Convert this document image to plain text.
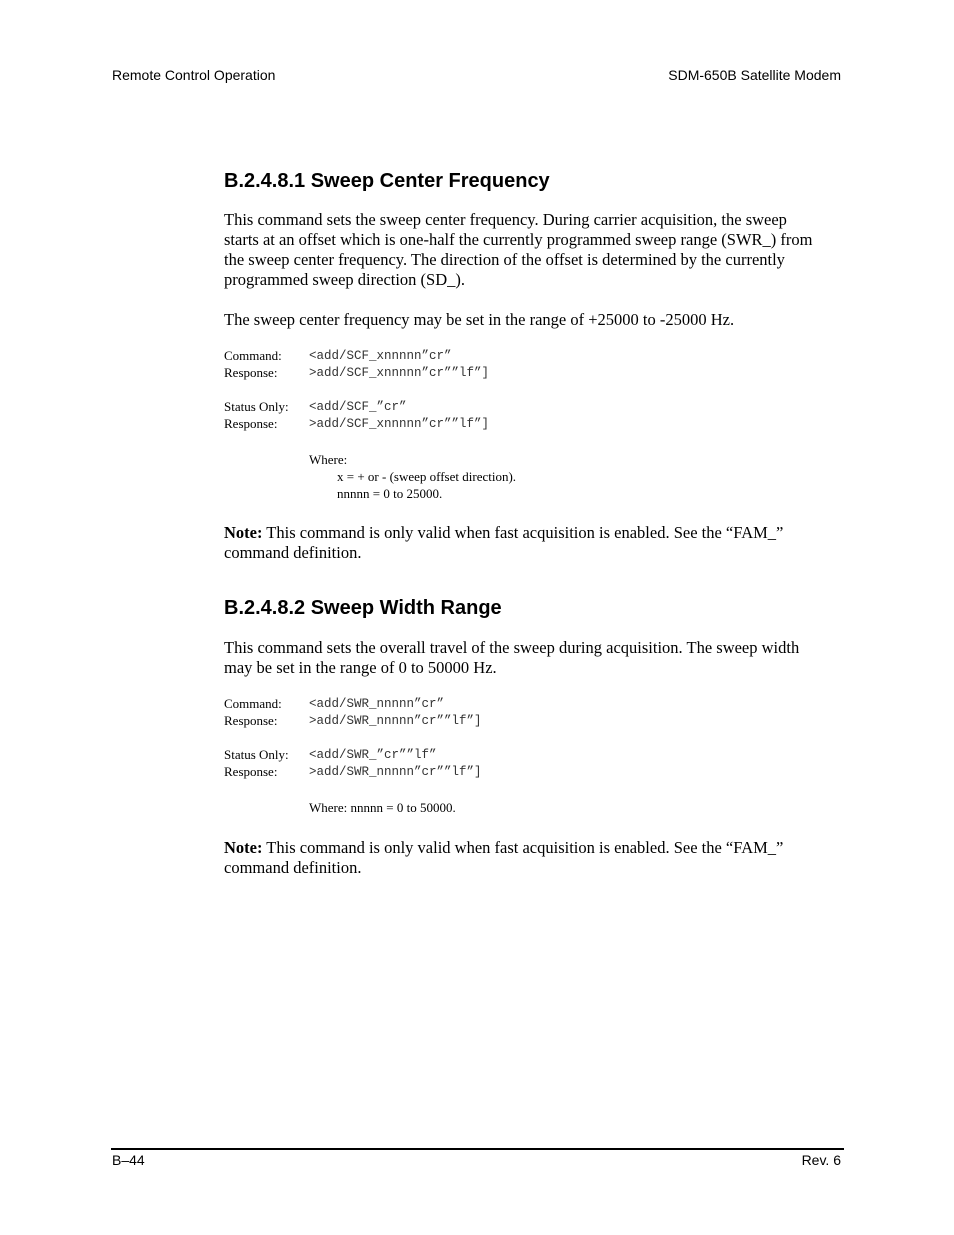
Remote Control Operation	SDM-650B Satellite Modem
B.2.4.8.1 Sweep Center Frequency
This command sets the sweep center frequency. During carrier acquisition, the sweep
starts at an offset which is one-half the currently programmed sweep range (SWR_) from
the sweep center frequency. The direction of the offset is determined by the currently
programmed sweep direction (SD_).
The sweep center frequency may be set in the range of +25000 to -25000 Hz.
Command: <add/SCF_xnnnnn”cr”
Response:	>add/SCF_xnnnnn”cr””lf”]
Status Only: <add/SCF_”cr”
Response:	>add/SCF_xnnnnn”cr””lf”]
Where:
x = + or - (sweep offset direction).
nnnnn = 0 to 25000.
Note: This command is only valid when fast acquisition is enabled. See the “FAM_”
command definition.
B.2.4.8.2 Sweep Width Range
This command sets the overall travel of the sweep during acquisition. The sweep width
may be set in the range of 0 to 50000 Hz.
Command: <add/SWR_nnnnn”cr”
Response:	>add/SWR_nnnnn”cr””lf”]
Status Only: <add/SWR_”cr””lf”
Response:	>add/SWR_nnnnn”cr””lf”]
Where: nnnnn = 0 to 50000.
Note: This command is only valid when fast acquisition is enabled. See the “FAM_”
command definition.
B–44	Rev. 6
